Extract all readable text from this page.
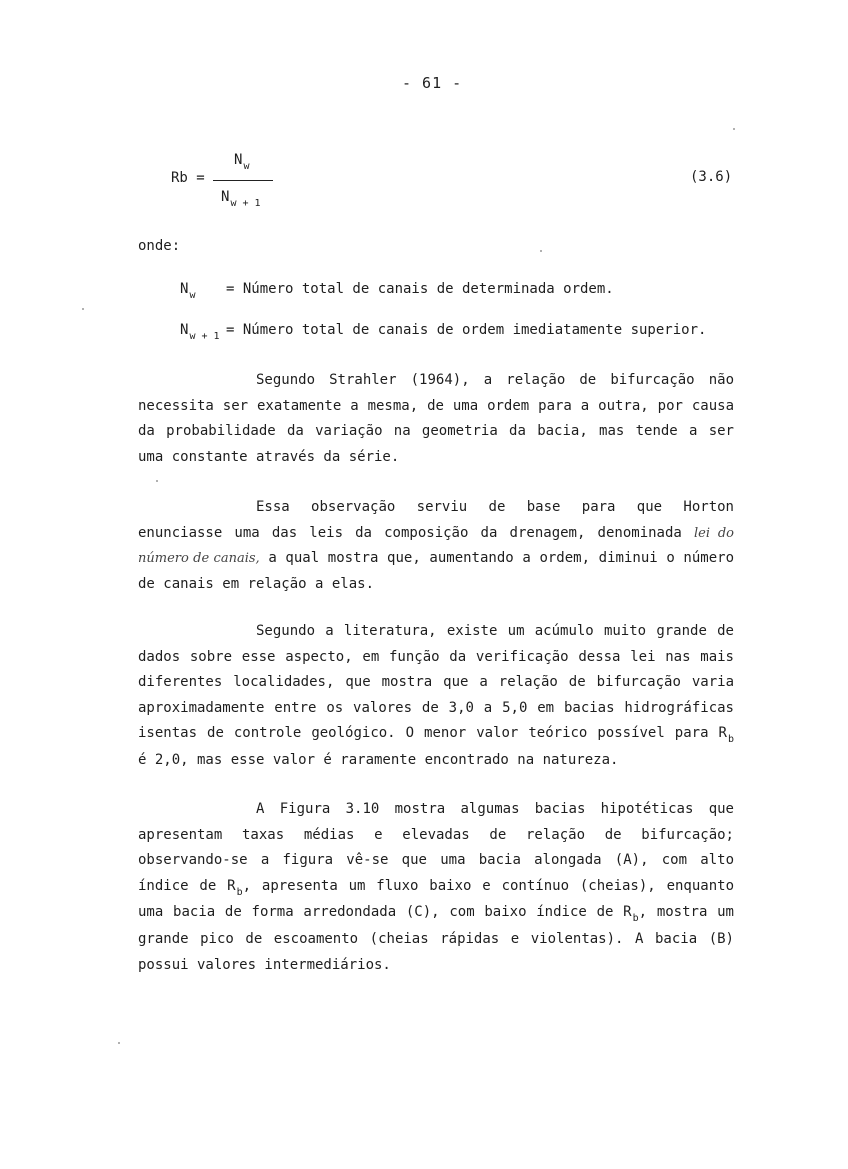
- 61 -
Rb =
$N_w$
$N_{w + 1}$
(3.6)
onde:
$N_w$ = Número total de canais de determinada ordem.
$N_{w + 1}$ = Número total de canais de ordem imediatamente superior.

Segundo Strahler (1964), a relação de bifurcação não necessita ser exatamente a mesma, de uma ordem para a outra, por causa da probabilidade da variação na geometria da bacia, mas tende a ser uma constante através da série.

Essa observação serviu de base para que Horton enunciasse uma das leis da composição da drenagem, denominada lei do número de canais, a qual mostra que, aumentando a ordem, diminui o número de canais em relação a elas.

Segundo a literatura, existe um acúmulo muito grande de dados sobre esse aspecto, em função da verificação dessa lei nas mais diferentes localidades, que mostra que a relação de bifurcação varia aproximadamente entre os valores de 3,0 a 5,0 em bacias hidrográficas isentas de controle geológico. O menor valor teórico possível para $R_b$ é 2,0, mas esse valor é raramente encontrado na natureza.

A Figura 3.10 mostra algumas bacias hipotéticas que apresentam taxas médias e elevadas de relação de bifurcação; observando-se a figura vê-se que uma bacia alongada (A), com alto índice de $R_b$, apresenta um fluxo baixo e contínuo (cheias), enquanto uma bacia de forma arredondada (C), com baixo índice de $R_b$, mostra um grande pico de escoamento (cheias rápidas e violentas). A bacia (B) possui valores intermediários.
